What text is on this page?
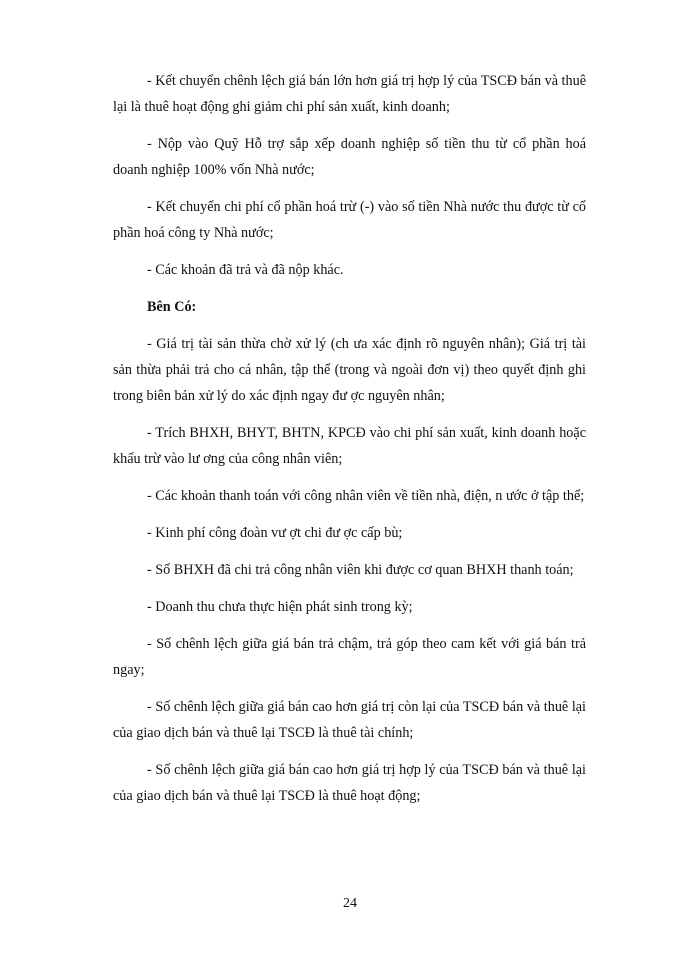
- Kết chuyển chênh lệch giá bán lớn hơn giá trị hợp lý của TSCĐ bán và thuê lại là thuê hoạt động ghi giảm chi phí sản xuất, kinh doanh;

- Nộp vào Quỹ Hỗ trợ sắp xếp doanh nghiệp số tiền thu từ cổ phần hoá doanh nghiệp 100% vốn Nhà nước;

- Kết chuyển chi phí cổ phần hoá trừ (-) vào số tiền Nhà nước thu được từ cổ phần hoá công ty Nhà nước;

- Các khoản đã trả và đã nộp khác.

Bên Có:

- Giá trị tài sản thừa chờ xử lý (ch ưa xác định rõ nguyên nhân); Giá trị tài sản thừa phải trả cho cá nhân, tập thể (trong và ngoài đơn vị) theo quyết định ghi trong biên bản xử lý do xác định ngay đư ợc nguyên nhân;

- Trích BHXH, BHYT, BHTN, KPCĐ vào chi phí sản xuất, kinh doanh hoặc khấu trừ vào lư ơng của công nhân viên;

- Các khoản thanh toán với công nhân viên về tiền nhà, điện, n ước ở tập thể;

- Kinh phí công đoàn vư ợt chi đư ợc cấp bù;

- Số BHXH đã chi trả công nhân viên khi được cơ quan BHXH thanh toán;

- Doanh thu chưa thực hiện phát sinh trong kỳ;

- Số chênh lệch giữa giá bán trả chậm, trả góp theo cam kết với giá bán trả ngay;

- Số chênh lệch giữa giá bán cao hơn giá trị còn lại của TSCĐ bán và thuê lại của giao dịch bán và thuê lại TSCĐ là thuê tài chính;

- Số chênh lệch giữa giá bán cao hơn giá trị hợp lý của TSCĐ bán và thuê lại của giao dịch bán và thuê lại TSCĐ là thuê hoạt động;

24
